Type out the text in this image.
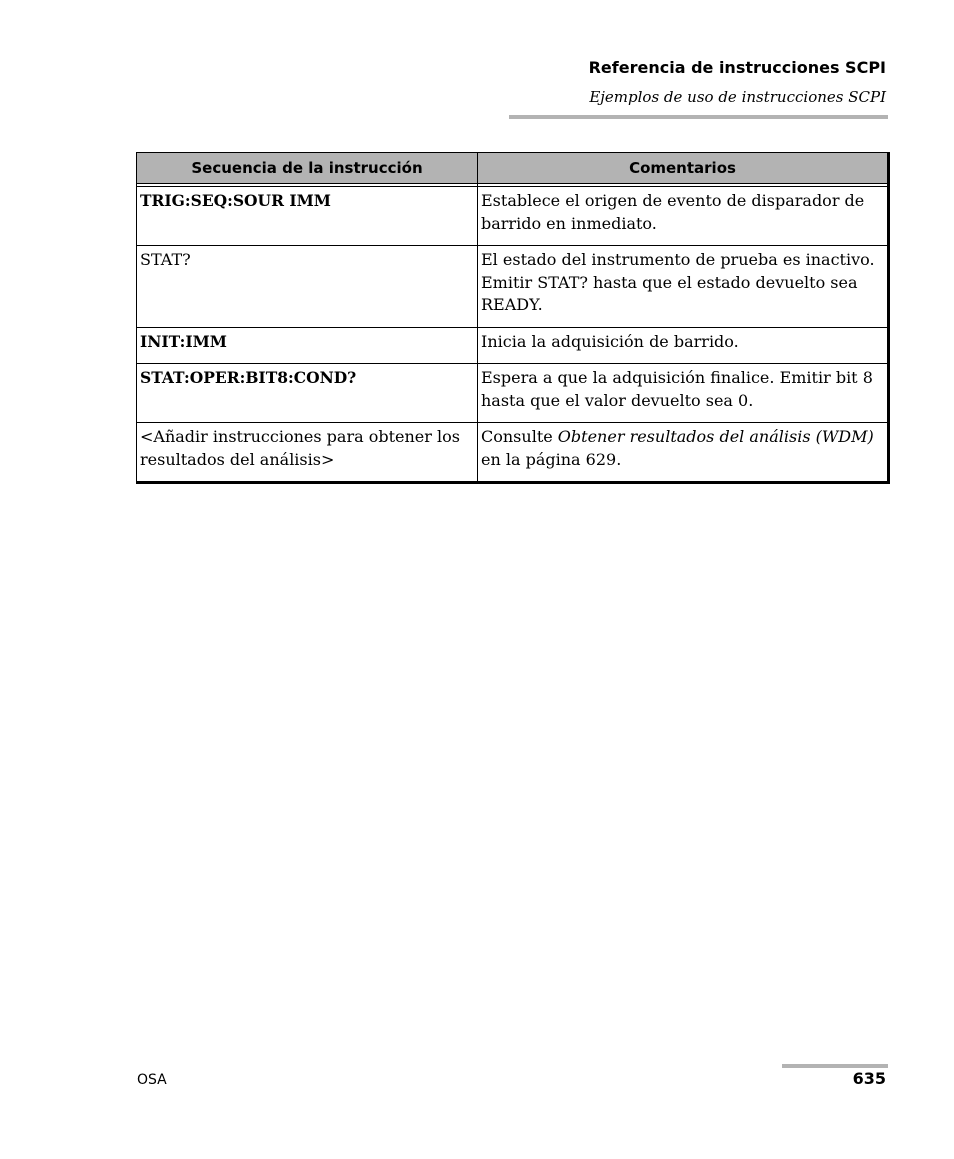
Referencia de instrucciones SCPI
Ejemplos de uso de instrucciones SCPI
Secuencia de la instrucción	Comentarios

TRIG:SEQ:SOUR IMM	Establece el origen de evento de disparador de barrido en inmediato.
STAT?	El estado del instrumento de prueba es inactivo. Emitir STAT? hasta que el estado devuelto sea READY.
INIT:IMM	Inicia la adquisición de barrido.
STAT:OPER:BIT8:COND?	Espera a que la adquisición finalice. Emitir bit 8 hasta que el valor devuelto sea 0.
<Añadir instrucciones para obtener los resultados del análisis>	Consulte Obtener resultados del análisis (WDM) en la página 629.
OSA	635
